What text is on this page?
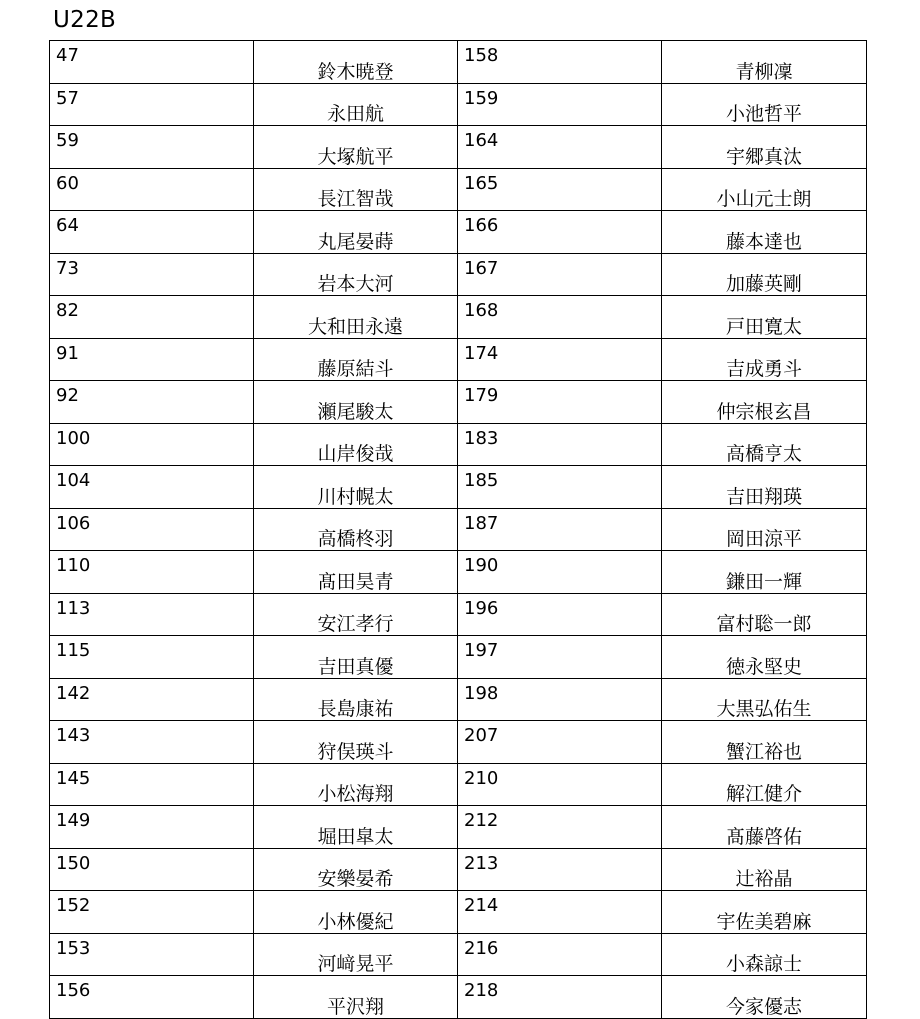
U22B
47	鈴木暁登	158	青柳凜
57	永田航	159	小池哲平
59	大塚航平	164	宇郷真汰
60	長江智哉	165	小山元士朗
64	丸尾晏蒔	166	藤本達也
73	岩本大河	167	加藤英剛
82	大和田永遠	168	戸田寛太
91	藤原結斗	174	吉成勇斗
92	瀬尾駿太	179	仲宗根玄昌
100	山岸俊哉	183	高橋亨太
104	川村幌太	185	吉田翔瑛
106	高橋柊羽	187	岡田涼平
110	髙田昊青	190	鎌田一輝
113	安江孝行	196	富村聡一郎
115	吉田真優	197	徳永堅史
142	長島康祐	198	大黒弘佑生
143	狩俣瑛斗	207	蟹江裕也
145	小松海翔	210	解江健介
149	堀田皐太	212	髙藤啓佑
150	安樂晏希	213	辻裕晶
152	小林優紀	214	宇佐美碧麻
153	河﨑晃平	216	小森諒士
156	平沢翔	218	今家優志
